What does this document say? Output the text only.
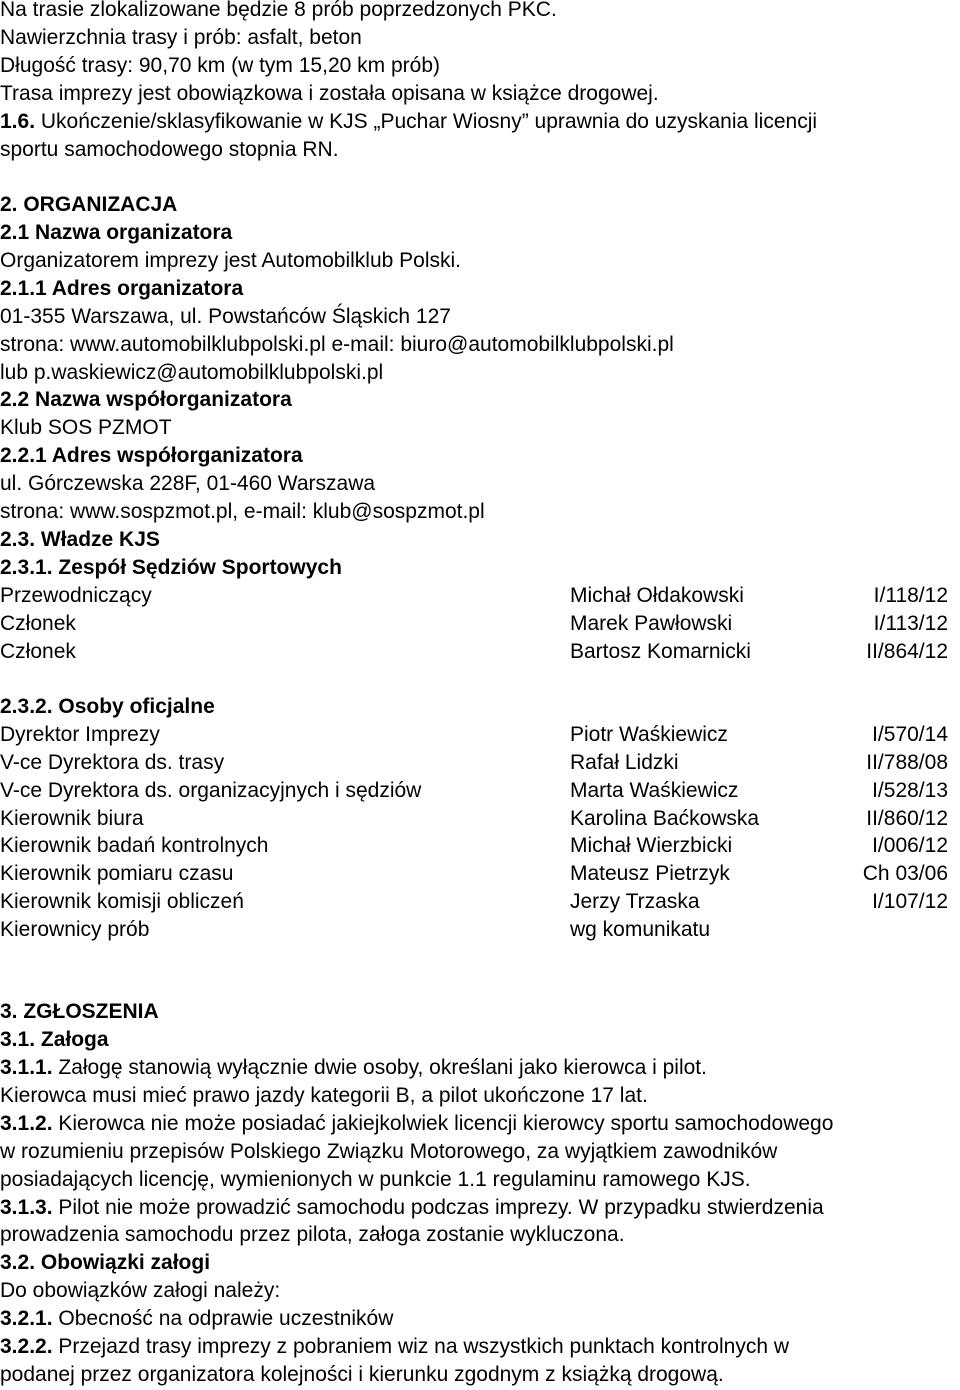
Na trasie zlokalizowane będzie 8 prób poprzedzonych PKC.
Nawierzchnia trasy i prób: asfalt, beton
Długość trasy: 90,70 km (w tym 15,20 km prób)
Trasa imprezy jest obowiązkowa i została opisana w książce drogowej.
1.6. Ukończenie/sklasyfikowanie w KJS „Puchar Wiosny” uprawnia do uzyskania licencji
sportu samochodowego stopnia RN.
2. ORGANIZACJA
2.1 Nazwa organizatora
Organizatorem imprezy jest Automobilklub Polski.
2.1.1 Adres organizatora
01-355 Warszawa, ul. Powstańców Śląskich 127
strona: www.automobilklubpolski.pl e-mail: biuro@automobilklubpolski.pl
lub p.waskiewicz@automobilklubpolski.pl
2.2 Nazwa współorganizatora
Klub SOS PZMOT
2.2.1 Adres współorganizatora
ul. Górczewska 228F, 01-460 Warszawa
strona: www.sospzmot.pl, e-mail: klub@sospzmot.pl
2.3. Władze KJS
2.3.1. Zespół Sędziów Sportowych
Przewodniczący	Michał Ołdakowski	I/118/12
Członek	Marek Pawłowski	I/113/12
Członek	Bartosz Komarnicki	II/864/12
2.3.2. Osoby oficjalne
Dyrektor Imprezy	Piotr Waśkiewicz	I/570/14
V-ce Dyrektora ds. trasy	Rafał Lidzki	II/788/08
V-ce Dyrektora ds. organizacyjnych i sędziów	Marta Waśkiewicz	I/528/13
Kierownik biura	Karolina Baćkowska	II/860/12
Kierownik badań kontrolnych	Michał Wierzbicki	I/006/12
Kierownik pomiaru czasu	Mateusz Pietrzyk	Ch 03/06
Kierownik komisji obliczeń	Jerzy Trzaska	I/107/12
Kierownicy prób	wg komunikatu
3. ZGŁOSZENIA
3.1. Załoga
3.1.1. Załogę stanowią wyłącznie dwie osoby, określani jako kierowca i pilot.
Kierowca musi mieć prawo jazdy kategorii B, a pilot ukończone 17 lat.
3.1.2. Kierowca nie może posiadać jakiejkolwiek licencji kierowcy sportu samochodowego
w rozumieniu przepisów Polskiego Związku Motorowego, za wyjątkiem zawodników
posiadających licencję, wymienionych w punkcie 1.1 regulaminu ramowego KJS.
3.1.3. Pilot nie może prowadzić samochodu podczas imprezy. W przypadku stwierdzenia
prowadzenia samochodu przez pilota, załoga zostanie wykluczona.
3.2. Obowiązki załogi
Do obowiązków załogi należy:
3.2.1. Obecność na odprawie uczestników
3.2.2. Przejazd trasy imprezy z pobraniem wiz na wszystkich punktach kontrolnych w
podanej przez organizatora kolejności i kierunku zgodnym z książką drogową.
